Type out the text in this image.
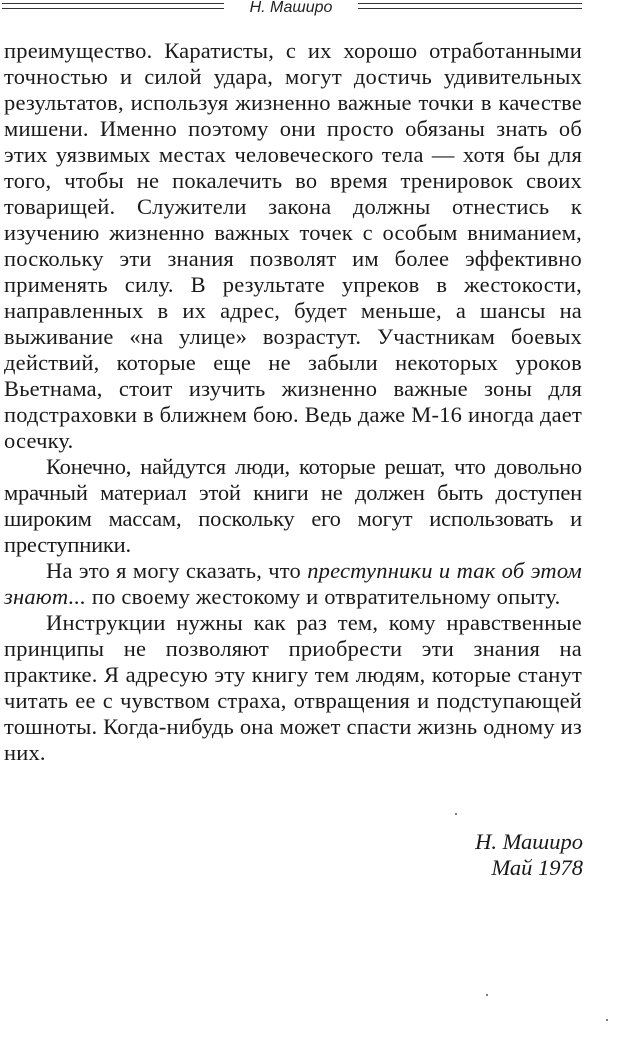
Н. Маширо

преимущество. Каратисты, с их хорошо отработанными точностью и силой удара, могут достичь удивительных результатов, используя жизненно важные точки в качестве мишени. Именно поэтому они просто обязаны знать об этих уязвимых местах человеческого тела — хотя бы для того, чтобы не покалечить во время тренировок своих товарищей. Служители закона должны отнестись к изучению жизненно важных точек с особым вниманием, поскольку эти знания позволят им более эффективно применять силу. В результате упреков в жестокости, направленных в их адрес, будет меньше, а шансы на выживание «на улице» возрастут. Участникам боевых действий, которые еще не забыли некоторых уроков Вьетнама, стоит изучить жизненно важные зоны для подстраховки в ближнем бою. Ведь даже М-16 иногда дает осечку.

Конечно, найдутся люди, которые решат, что довольно мрачный материал этой книги не должен быть доступен широким массам, поскольку его могут использовать и преступники.

На это я могу сказать, что преступники и так об этом знают... по своему жестокому и отвратительному опыту.

Инструкции нужны как раз тем, кому нравственные принципы не позволяют приобрести эти знания на практике. Я адресую эту книгу тем людям, которые станут читать ее с чувством страха, отвращения и подступающей тошноты. Когда-нибудь она может спасти жизнь одному из них.

Н. Маширо
Май 1978
